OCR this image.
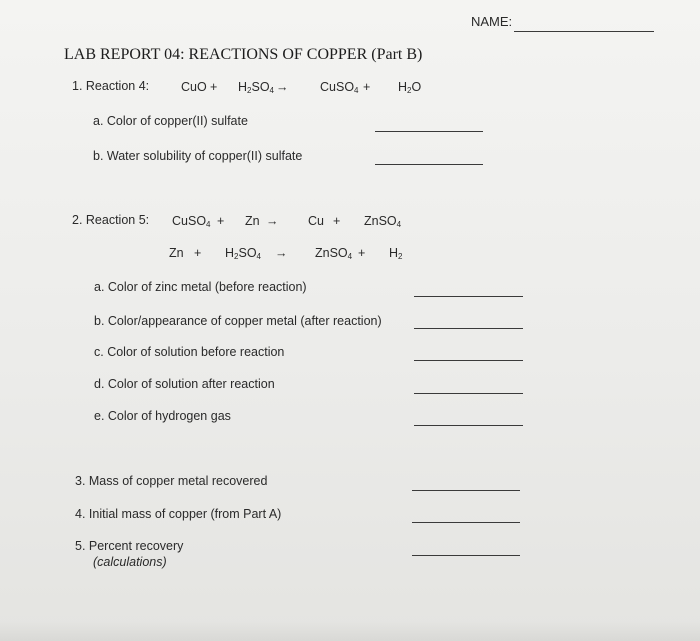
NAME:
LAB REPORT 04: REACTIONS OF COPPER (Part B)
1. Reaction 4:	CuO + $H_2SO_4$ →	CuSO$_4$ + $H_2O$
a. Color of copper(II) sulfate
b. Water solubility of copper(II) sulfate
2. Reaction 5: CuSO$_4$ + Zn → Cu + ZnSO$_4$
$Zn + H_2SO_4$ → ZnSO$_4$ + $H_2$
a. Color of zinc metal (before reaction)
b. Color/appearance of copper metal (after reaction)
c. Color of solution before reaction
d. Color of solution after reaction
e. Color of hydrogen gas
3. Mass of copper metal recovered
4. Initial mass of copper (from Part A)
5. Percent recovery
(calculations)
